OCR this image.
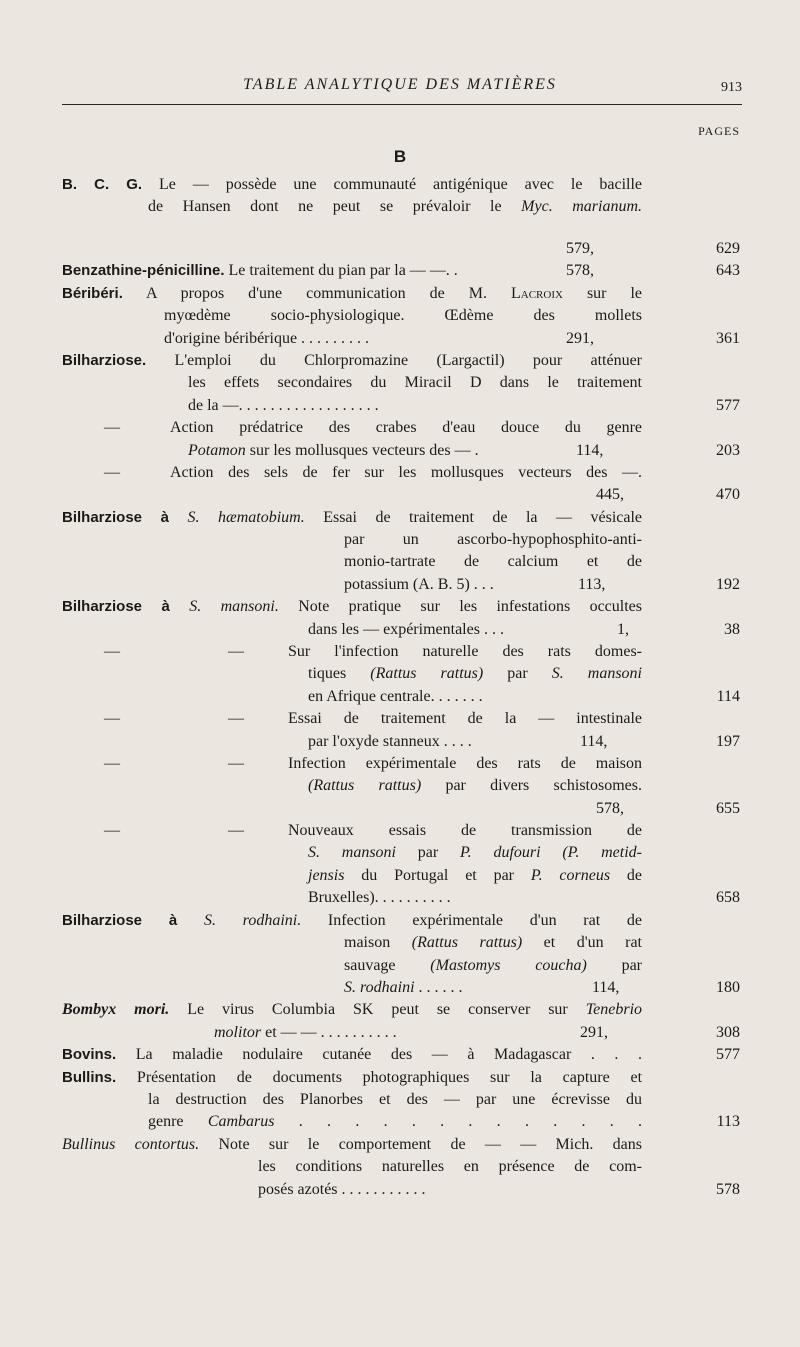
TABLE ANALYTIQUE DES MATIÈRES	913
PAGES
B
B. C. G. Le — possède une communauté antigénique avec le bacille
de Hansen dont ne peut se prévaloir le Myc. marianum.
579,	629
Benzathine-pénicilline. Le traitement du pian par la — —. .	578,	643
Béribéri. A propos d'une communication de M. Lacroix sur le
myœdème socio-physiologique. Œdème des mollets
d'origine béribérique . . . . . . . . .	291,	361
Bilharziose. L'emploi du Chlorpromazine (Largactil) pour atténuer
les effets secondaires du Miracil D dans le traitement
de la —. . . . . . . . . . . . . . . . . .	577
—	Action prédatrice des crabes d'eau douce du genre
Potamon sur les mollusques vecteurs des — .	114,	203
—	Action des sels de fer sur les mollusques vecteurs des —.
445,	470
Bilharziose à S. hæmatobium. Essai de traitement de la — vésicale
par un ascorbo-hypophosphito-anti-
monio-tartrate de calcium et de
potassium (A. B. 5) . . .	113,	192
Bilharziose à S. mansoni. Note pratique sur les infestations occultes
dans les — expérimentales . . .	1,	38
—	—	Sur l'infection naturelle des rats domes-
tiques (Rattus rattus) par S. mansoni
en Afrique centrale. . . . . . .	114
—	—	Essai de traitement de la — intestinale
par l'oxyde stanneux . . . .	114,	197
—	—	Infection expérimentale des rats de maison
(Rattus rattus) par divers schistosomes.
578,	655
—	—	Nouveaux essais de transmission de
S. mansoni par P. dufouri (P. metid-
jensis du Portugal et par P. corneus de
Bruxelles). . . . . . . . . .	658
Bilharziose à S. rodhaini. Infection expérimentale d'un rat de
maison (Rattus rattus) et d'un rat
sauvage (Mastomys coucha) par
S. rodhaini . . . . . .	114,	180
Bombyx mori. Le virus Columbia SK peut se conserver sur Tenebrio
molitor et — — . . . . . . . . . .	291,	308
Bovins. La maladie nodulaire cutanée des — à Madagascar . . .	577
Bullins. Présentation de documents photographiques sur la capture et
la destruction des Planorbes et des — par une écrevisse du
genre Cambarus . . . . . . . . . . . . .	113
Bullinus contortus. Note sur le comportement de — — Mich. dans
les conditions naturelles en présence de com-
posés azotés . . . . . . . . . . .	578
